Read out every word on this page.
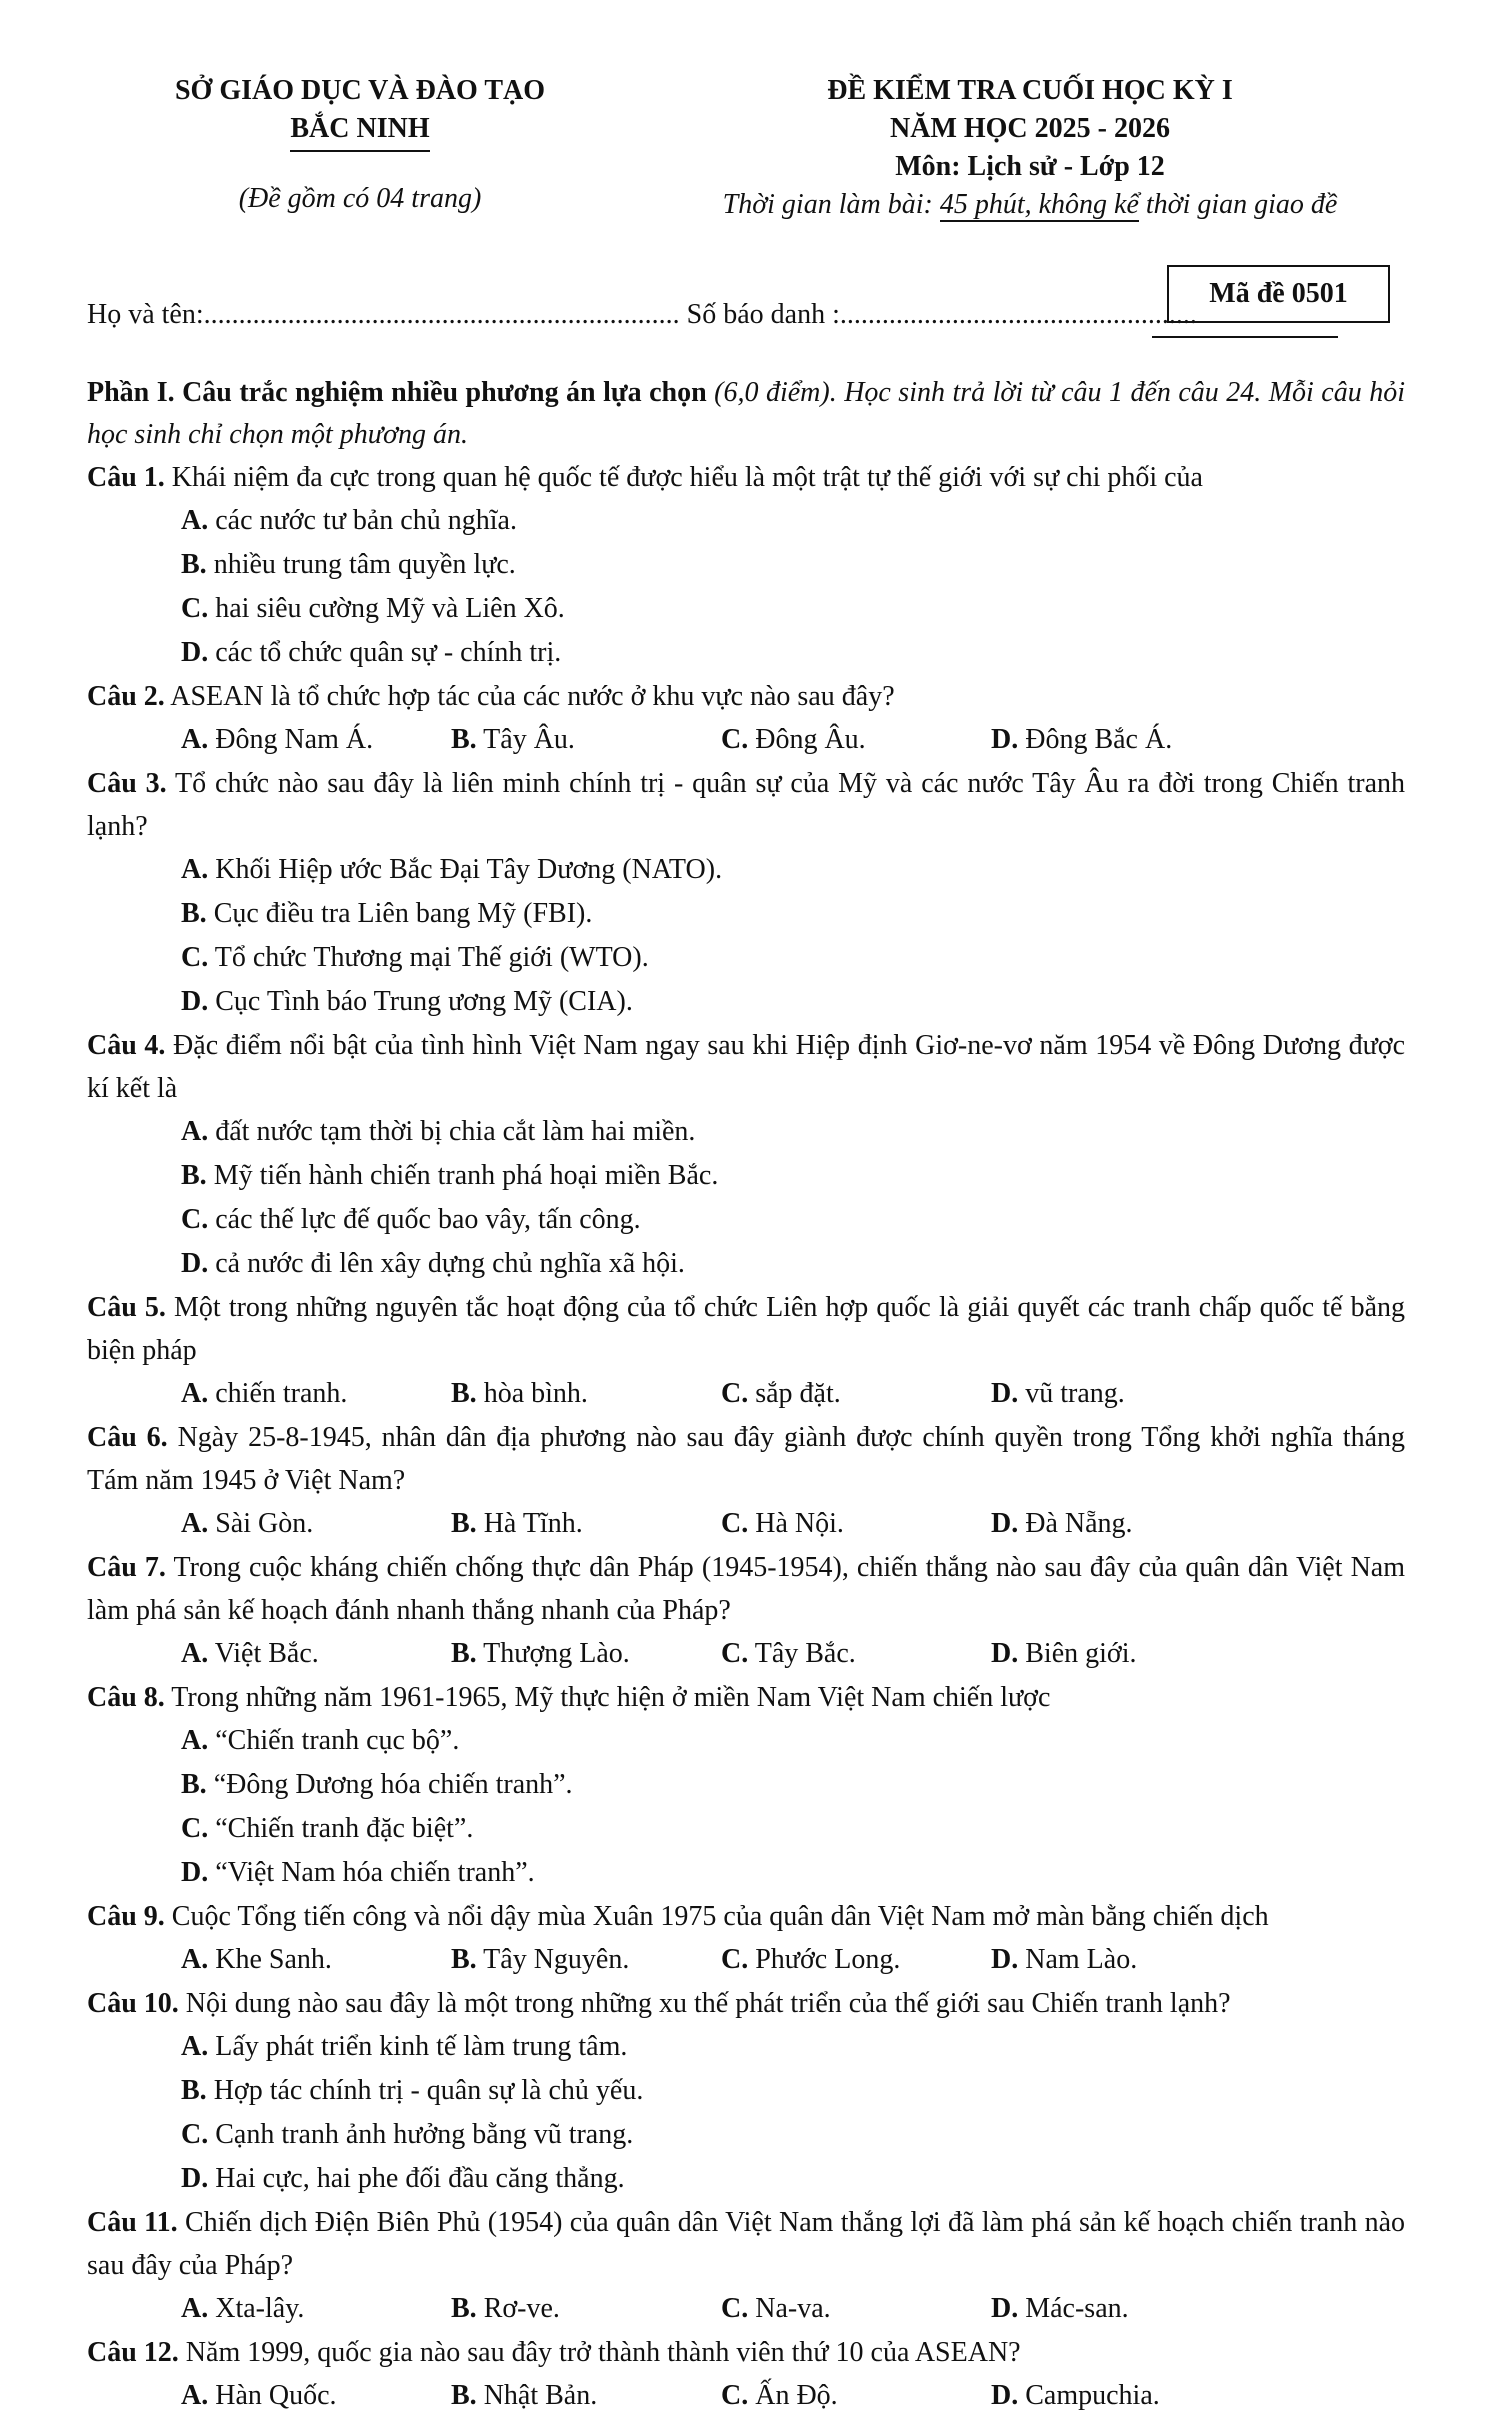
SỞ GIÁO DỤC VÀ ĐÀO TẠO
BẮC NINH
(Đề gồm có 04 trang)
ĐỀ KIỂM TRA CUỐI HỌC KỲ I
NĂM HỌC 2025 - 2026
Môn: Lịch sử - Lớp 12
Thời gian làm bài: 45 phút, không kể thời gian giao đề
Họ và tên:.................................................................... Số báo danh :...................................................
Mã đề 0501
Phần I. Câu trắc nghiệm nhiều phương án lựa chọn (6,0 điểm). Học sinh trả lời từ câu 1 đến câu 24. Mỗi câu hỏi học sinh chỉ chọn một phương án.
Câu 1. Khái niệm đa cực trong quan hệ quốc tế được hiểu là một trật tự thế giới với sự chi phối của
A. các nước tư bản chủ nghĩa.
B. nhiều trung tâm quyền lực.
C. hai siêu cường Mỹ và Liên Xô.
D. các tổ chức quân sự - chính trị.
Câu 2. ASEAN là tổ chức hợp tác của các nước ở khu vực nào sau đây?
A. Đông Nam Á.	B. Tây Âu.	C. Đông Âu.	D. Đông Bắc Á.
Câu 3. Tổ chức nào sau đây là liên minh chính trị - quân sự của Mỹ và các nước Tây Âu ra đời trong Chiến tranh lạnh?
A. Khối Hiệp ước Bắc Đại Tây Dương (NATO).
B. Cục điều tra Liên bang Mỹ (FBI).
C. Tổ chức Thương mại Thế giới (WTO).
D. Cục Tình báo Trung ương Mỹ (CIA).
Câu 4. Đặc điểm nổi bật của tình hình Việt Nam ngay sau khi Hiệp định Giơ-ne-vơ năm 1954 về Đông Dương được kí kết là
A. đất nước tạm thời bị chia cắt làm hai miền.
B. Mỹ tiến hành chiến tranh phá hoại miền Bắc.
C. các thế lực đế quốc bao vây, tấn công.
D. cả nước đi lên xây dựng chủ nghĩa xã hội.
Câu 5. Một trong những nguyên tắc hoạt động của tổ chức Liên hợp quốc là giải quyết các tranh chấp quốc tế bằng biện pháp
A. chiến tranh.	B. hòa bình.	C. sắp đặt.	D. vũ trang.
Câu 6. Ngày 25-8-1945, nhân dân địa phương nào sau đây giành được chính quyền trong Tổng khởi nghĩa tháng Tám năm 1945 ở Việt Nam?
A. Sài Gòn.	B. Hà Tĩnh.	C. Hà Nội.	D. Đà Nẵng.
Câu 7. Trong cuộc kháng chiến chống thực dân Pháp (1945-1954), chiến thắng nào sau đây của quân dân Việt Nam làm phá sản kế hoạch đánh nhanh thắng nhanh của Pháp?
A. Việt Bắc.	B. Thượng Lào.	C. Tây Bắc.	D. Biên giới.
Câu 8. Trong những năm 1961-1965, Mỹ thực hiện ở miền Nam Việt Nam chiến lược
A. “Chiến tranh cục bộ”.
B. “Đông Dương hóa chiến tranh”.
C. “Chiến tranh đặc biệt”.
D. “Việt Nam hóa chiến tranh”.
Câu 9. Cuộc Tổng tiến công và nổi dậy mùa Xuân 1975 của quân dân Việt Nam mở màn bằng chiến dịch
A. Khe Sanh.	B. Tây Nguyên.	C. Phước Long.	D. Nam Lào.
Câu 10. Nội dung nào sau đây là một trong những xu thế phát triển của thế giới sau Chiến tranh lạnh?
A. Lấy phát triển kinh tế làm trung tâm.
B. Hợp tác chính trị - quân sự là chủ yếu.
C. Cạnh tranh ảnh hưởng bằng vũ trang.
D. Hai cực, hai phe đối đầu căng thẳng.
Câu 11. Chiến dịch Điện Biên Phủ (1954) của quân dân Việt Nam thắng lợi đã làm phá sản kế hoạch chiến tranh nào sau đây của Pháp?
A. Xta-lây.	B. Rơ-ve.	C. Na-va.	D. Mác-san.
Câu 12. Năm 1999, quốc gia nào sau đây trở thành thành viên thứ 10 của ASEAN?
A. Hàn Quốc.	B. Nhật Bản.	C. Ấn Độ.	D. Campuchia.
